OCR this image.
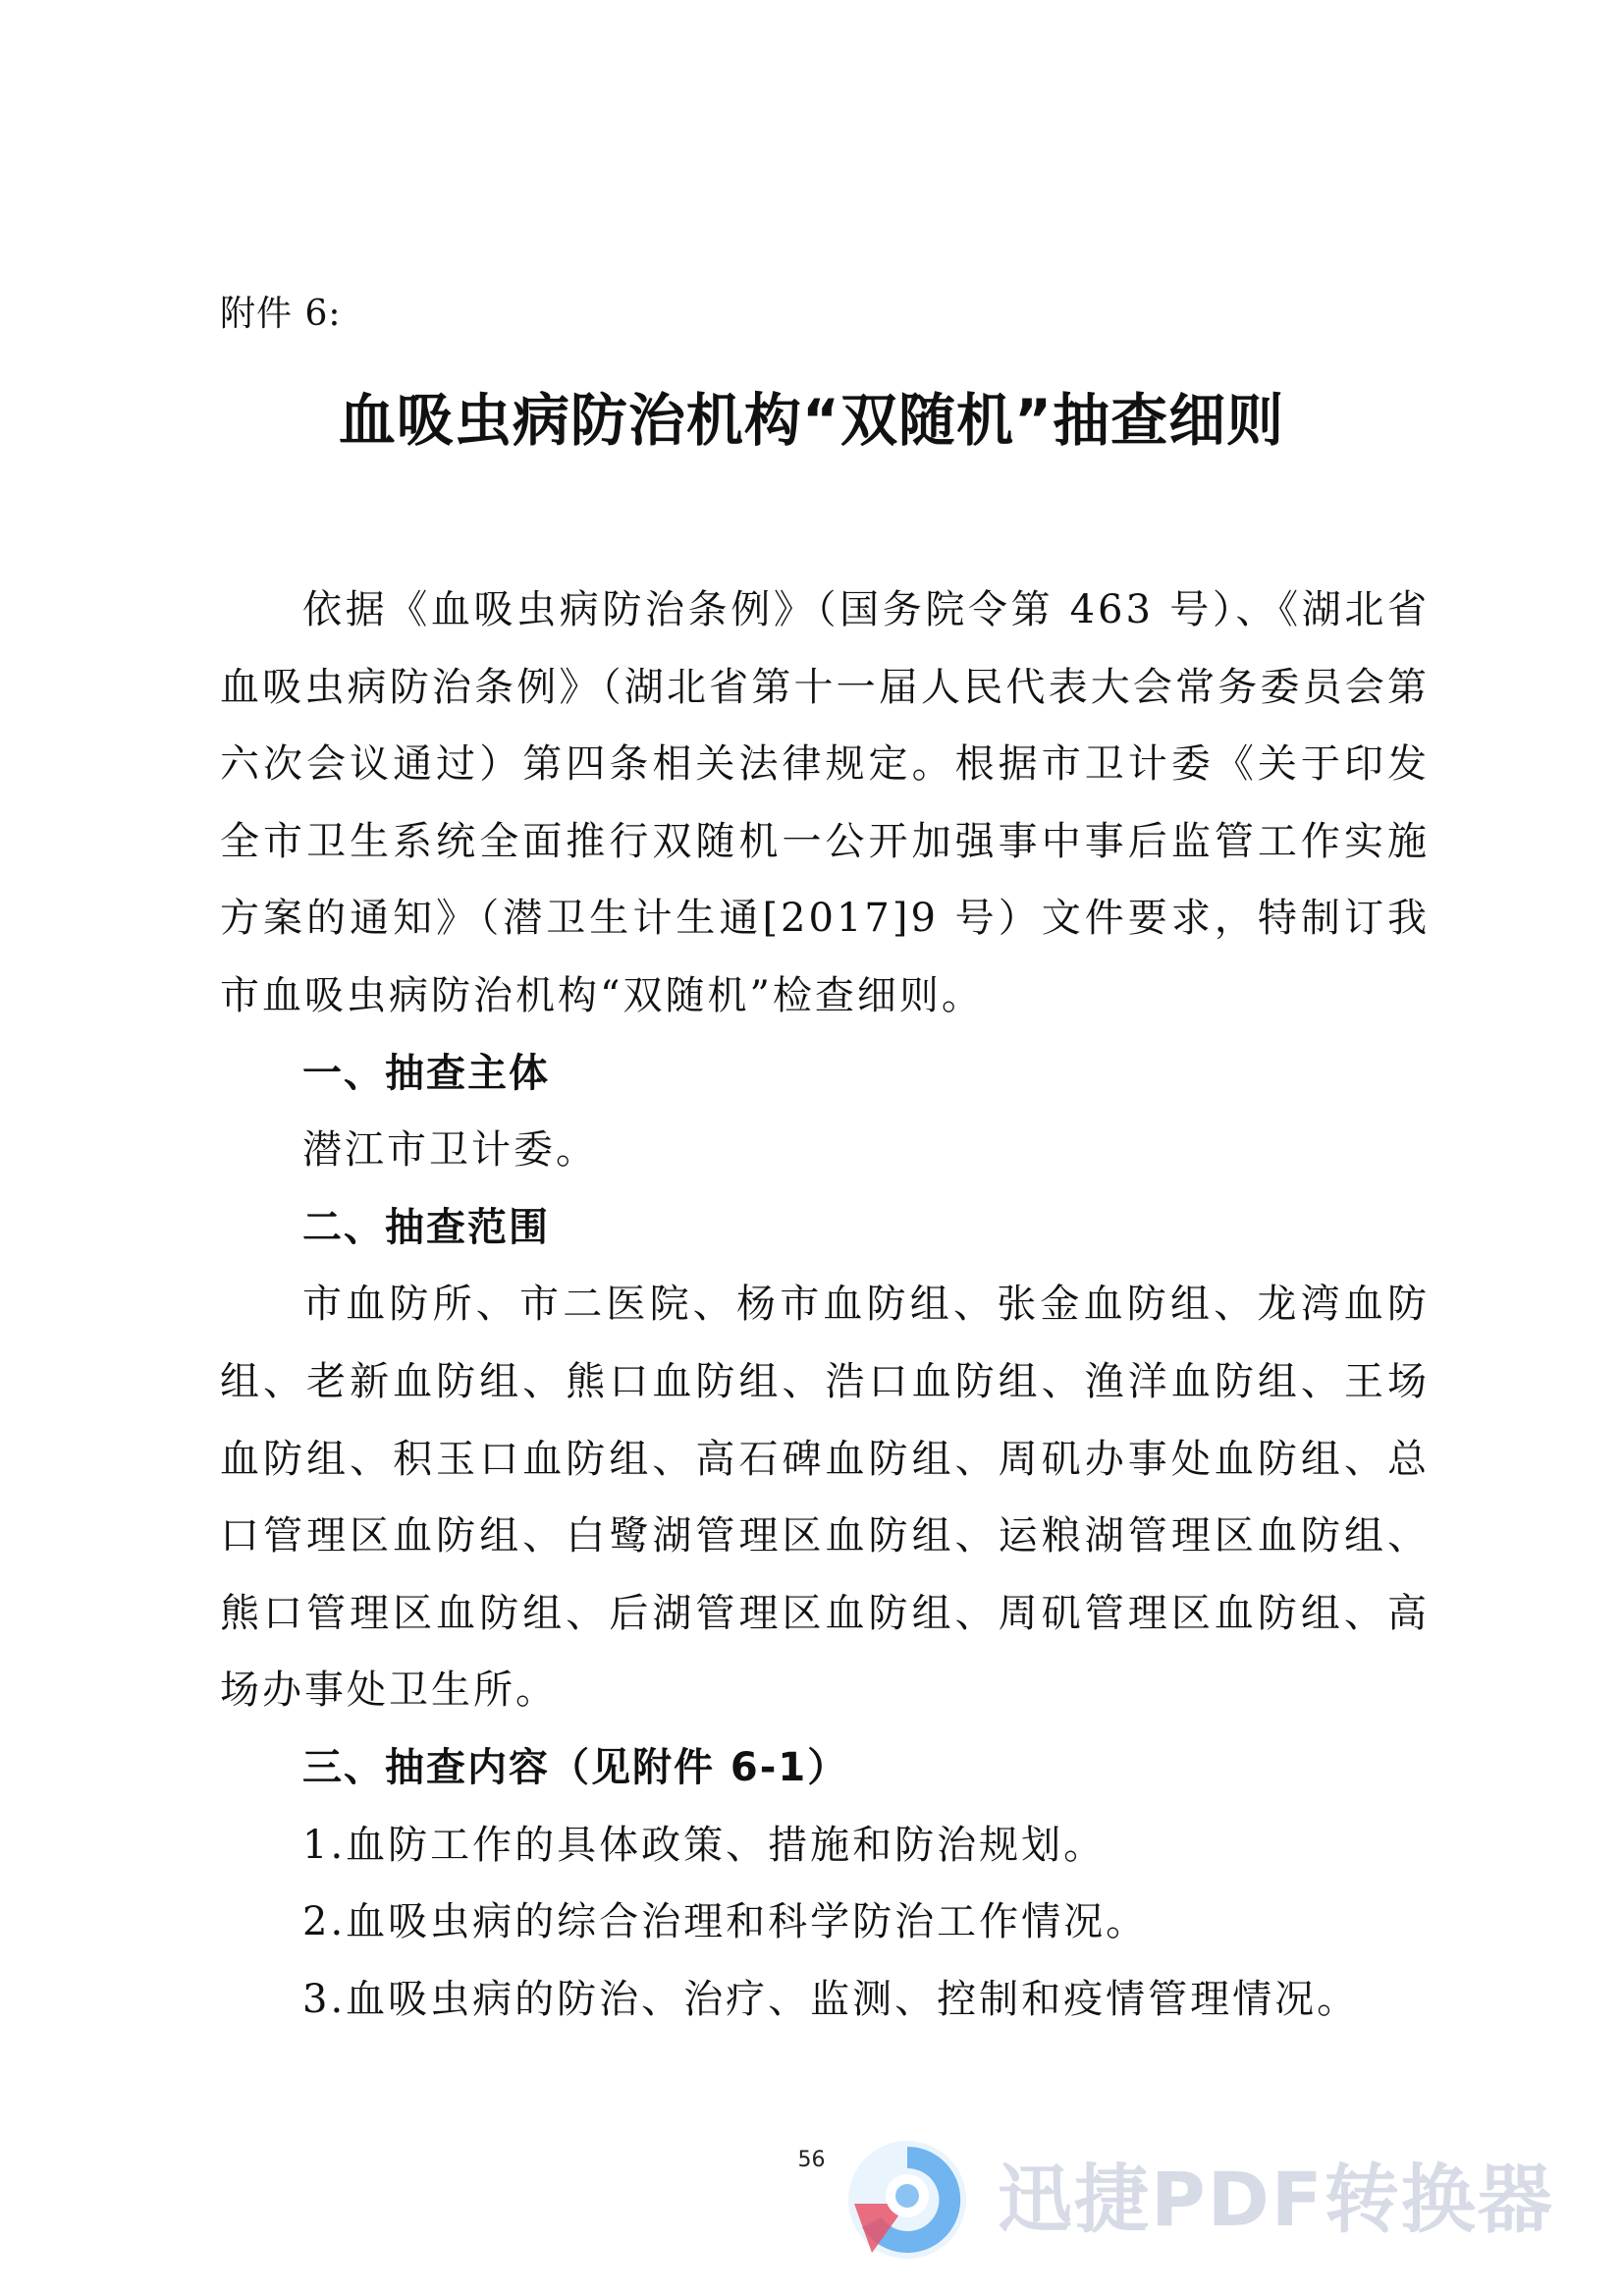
附件 6:
血吸虫病防治机构“双随机”抽查细则

依据《血吸虫病防治条例》（国务院令第 463 号）、《湖北省血吸虫病防治条例》（湖北省第十一届人民代表大会常务委员会第六次会议通过）第四条相关法律规定。根据市卫计委《关于印发全市卫生系统全面推行双随机一公开加强事中事后监管工作实施方案的通知》（潜卫生计生通[2017]9 号）文件要求，特制订我市血吸虫病防治机构“双随机”检查细则。

一、抽查主体

潜江市卫计委。

二、抽查范围

市血防所、市二医院、杨市血防组、张金血防组、龙湾血防组、老新血防组、熊口血防组、浩口血防组、渔洋血防组、王场血防组、积玉口血防组、高石碑血防组、周矶办事处血防组、总口管理区血防组、白鹭湖管理区血防组、运粮湖管理区血防组、熊口管理区血防组、后湖管理区血防组、周矶管理区血防组、高场办事处卫生所。

三、抽查内容（见附件 6-1）

1.血防工作的具体政策、措施和防治规划。

2.血吸虫病的综合治理和科学防治工作情况。

3.血吸虫病的防治、治疗、监测、控制和疫情管理情况。

56	迅捷PDF转换器
